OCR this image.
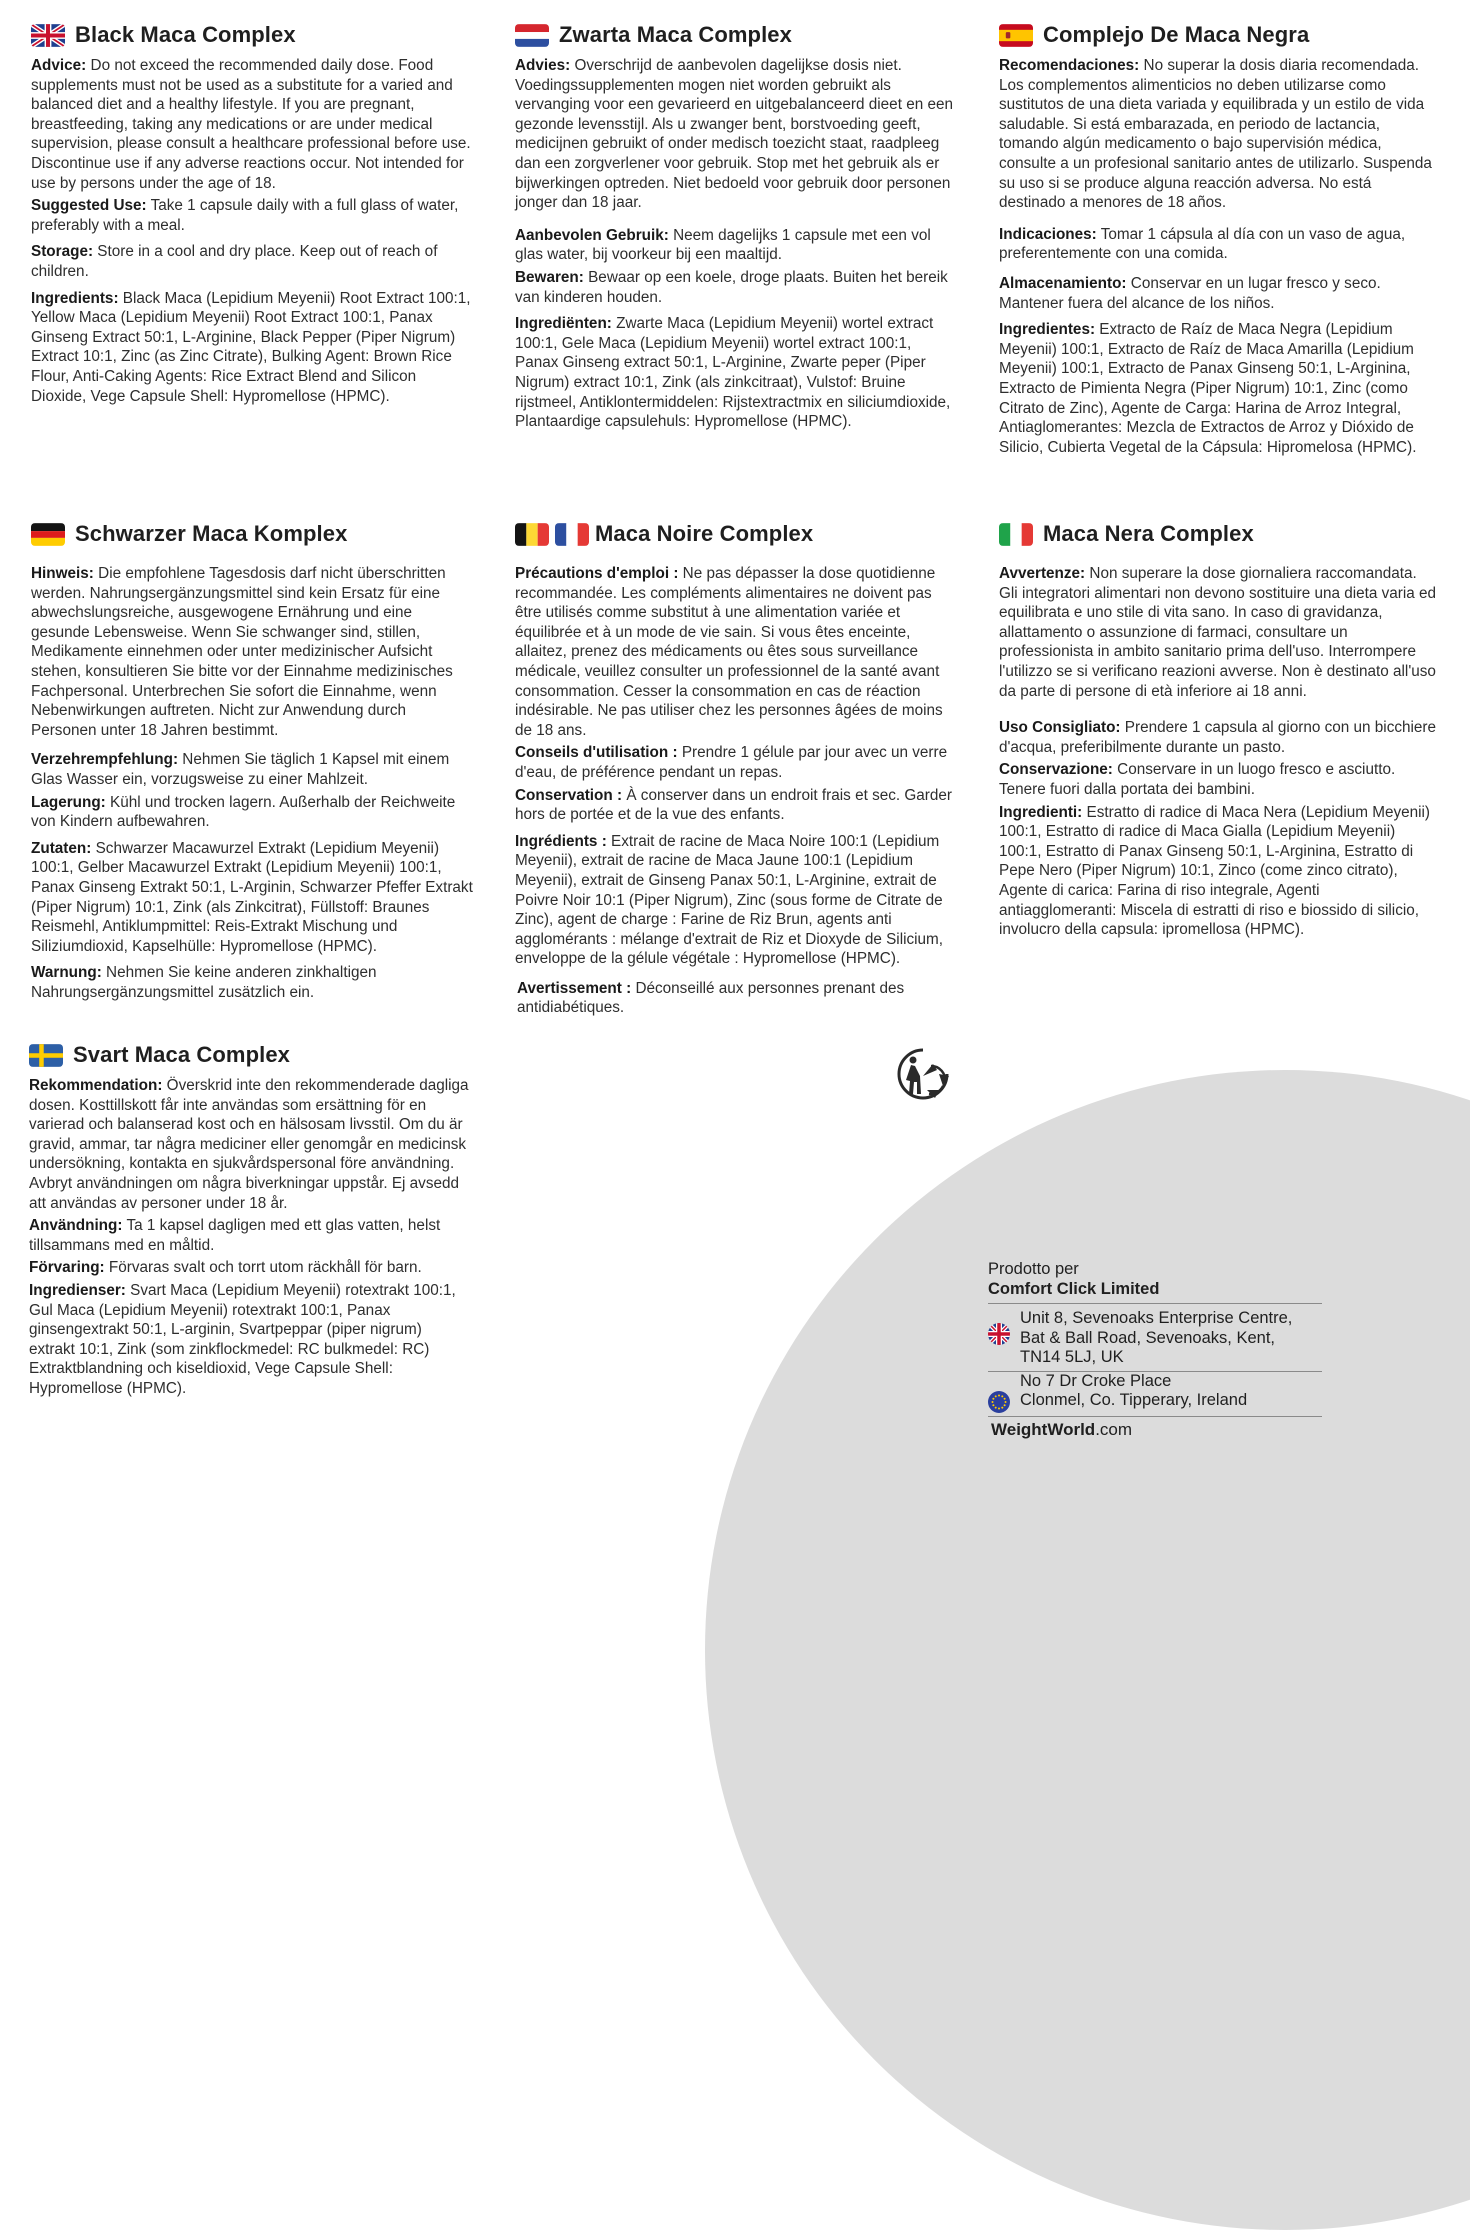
Black Maca Complex

Advice: Do not exceed the recommended daily dose. Food supplements must not be used as a substitute for a varied and balanced diet and a healthy lifestyle. If you are pregnant, breastfeeding, taking any medications or are under medical supervision, please consult a healthcare professional before use. Discontinue use if any adverse reactions occur. Not intended for use by persons under the age of 18.

Suggested Use: Take 1 capsule daily with a full glass of water, preferably with a meal.

Storage: Store in a cool and dry place. Keep out of reach of children.

Ingredients: Black Maca (Lepidium Meyenii) Root Extract 100:1, Yellow Maca (Lepidium Meyenii) Root Extract 100:1, Panax Ginseng Extract 50:1, L-Arginine, Black Pepper (Piper Nigrum) Extract 10:1, Zinc (as Zinc Citrate), Bulking Agent: Brown Rice Flour, Anti-Caking Agents: Rice Extract Blend and Silicon Dioxide, Vege Capsule Shell: Hypromellose (HPMC).

Zwarta Maca Complex

Advies: Overschrijd de aanbevolen dagelijkse dosis niet. Voedingssupplementen mogen niet worden gebruikt als vervanging voor een gevarieerd en uitgebalanceerd dieet en een gezonde levensstijl. Als u zwanger bent, borstvoeding geeft, medicijnen gebruikt of onder medisch toezicht staat, raadpleeg dan een zorgverlener voor gebruik. Stop met het gebruik als er bijwerkingen optreden. Niet bedoeld voor gebruik door personen jonger dan 18 jaar.

Aanbevolen Gebruik: Neem dagelijks 1 capsule met een vol glas water, bij voorkeur bij een maaltijd.

Bewaren: Bewaar op een koele, droge plaats. Buiten het bereik van kinderen houden.

Ingrediënten: Zwarte Maca (Lepidium Meyenii) wortel extract 100:1, Gele Maca (Lepidium Meyenii) wortel extract 100:1, Panax Ginseng extract 50:1, L-Arginine, Zwarte peper (Piper Nigrum) extract 10:1, Zink (als zinkcitraat), Vulstof: Bruine rijstmeel, Antiklontermiddelen: Rijstextractmix en siliciumdioxide, Plantaardige capsulehuls: Hypromellose (HPMC).

Complejo De Maca Negra

Recomendaciones: No superar la dosis diaria recomendada. Los complementos alimenticios no deben utilizarse como sustitutos de una dieta variada y equilibrada y un estilo de vida saludable. Si está embarazada, en periodo de lactancia, tomando algún medicamento o bajo supervisión médica, consulte a un profesional sanitario antes de utilizarlo. Suspenda su uso si se produce alguna reacción adversa. No está destinado a menores de 18 años.

Indicaciones: Tomar 1 cápsula al día con un vaso de agua, preferentemente con una comida.

Almacenamiento: Conservar en un lugar fresco y seco. Mantener fuera del alcance de los niños.

Ingredientes: Extracto de Raíz de Maca Negra (Lepidium Meyenii) 100:1, Extracto de Raíz de Maca Amarilla (Lepidium Meyenii) 100:1, Extracto de Panax Ginseng 50:1, L-Arginina, Extracto de Pimienta Negra (Piper Nigrum) 10:1, Zinc (como Citrato de Zinc), Agente de Carga: Harina de Arroz Integral, Antiaglomerantes: Mezcla de Extractos de Arroz y Dióxido de Silicio, Cubierta Vegetal de la Cápsula: Hipromelosa (HPMC).

Schwarzer Maca Komplex

Hinweis: Die empfohlene Tagesdosis darf nicht überschritten werden. Nahrungsergänzungsmittel sind kein Ersatz für eine abwechslungsreiche, ausgewogene Ernährung und eine gesunde Lebensweise. Wenn Sie schwanger sind, stillen, Medikamente einnehmen oder unter medizinischer Aufsicht stehen, konsultieren Sie bitte vor der Einnahme medizinisches Fachpersonal. Unterbrechen Sie sofort die Einnahme, wenn Nebenwirkungen auftreten. Nicht zur Anwendung durch Personen unter 18 Jahren bestimmt.

Verzehrempfehlung: Nehmen Sie täglich 1 Kapsel mit einem Glas Wasser ein, vorzugsweise zu einer Mahlzeit.

Lagerung: Kühl und trocken lagern. Außerhalb der Reichweite von Kindern aufbewahren.

Zutaten: Schwarzer Macawurzel Extrakt (Lepidium Meyenii) 100:1, Gelber Macawurzel Extrakt (Lepidium Meyenii) 100:1, Panax Ginseng Extrakt 50:1, L-Arginin, Schwarzer Pfeffer Extrakt (Piper Nigrum) 10:1, Zink (als Zinkcitrat), Füllstoff: Braunes Reismehl, Antiklumpmittel: Reis-Extrakt Mischung und Siliziumdioxid, Kapselhülle: Hypromellose (HPMC).

Warnung: Nehmen Sie keine anderen zinkhaltigen Nahrungsergänzungsmittel zusätzlich ein.

Maca Noire Complex

Précautions d'emploi : Ne pas dépasser la dose quotidienne recommandée. Les compléments alimentaires ne doivent pas être utilisés comme substitut à une alimentation variée et équilibrée et à un mode de vie sain. Si vous êtes enceinte, allaitez, prenez des médicaments ou êtes sous surveillance médicale, veuillez consulter un professionnel de la santé avant consommation. Cesser la consommation en cas de réaction indésirable. Ne pas utiliser chez les personnes âgées de moins de 18 ans.

Conseils d'utilisation : Prendre 1 gélule par jour avec un verre d'eau, de préférence pendant un repas.

Conservation : À conserver dans un endroit frais et sec. Garder hors de portée et de la vue des enfants.

Ingrédients : Extrait de racine de Maca Noire 100:1 (Lepidium Meyenii), extrait de racine de Maca Jaune 100:1 (Lepidium Meyenii), extrait de Ginseng Panax 50:1, L-Arginine, extrait de Poivre Noir 10:1 (Piper Nigrum), Zinc (sous forme de Citrate de Zinc), agent de charge : Farine de Riz Brun, agents anti agglomérants : mélange d'extrait de Riz et Dioxyde de Silicium, enveloppe de la gélule végétale : Hypromellose (HPMC).

Avertissement : Déconseillé aux personnes prenant des antidiabétiques.

Maca Nera Complex

Avvertenze: Non superare la dose giornaliera raccomandata. Gli integratori alimentari non devono sostituire una dieta varia ed equilibrata e uno stile di vita sano. In caso di gravidanza, allattamento o assunzione di farmaci, consultare un professionista in ambito sanitario prima dell'uso. Interrompere l'utilizzo se si verificano reazioni avverse. Non è destinato all'uso da parte di persone di età inferiore ai 18 anni.

Uso Consigliato: Prendere 1 capsula al giorno con un bicchiere d'acqua, preferibilmente durante un pasto.

Conservazione: Conservare in un luogo fresco e asciutto. Tenere fuori dalla portata dei bambini.

Ingredienti: Estratto di radice di Maca Nera (Lepidium Meyenii) 100:1, Estratto di radice di Maca Gialla (Lepidium Meyenii) 100:1, Estratto di Panax Ginseng 50:1, L-Arginina, Estratto di Pepe Nero (Piper Nigrum) 10:1, Zinco (come zinco citrato), Agente di carica: Farina di riso integrale, Agenti antiagglomeranti: Miscela di estratti di riso e biossido di silicio, involucro della capsula: ipromellosa (HPMC).

Svart Maca Complex

Rekommendation: Överskrid inte den rekommenderade dagliga dosen. Kosttillskott får inte användas som ersättning för en varierad och balanserad kost och en hälsosam livsstil. Om du är gravid, ammar, tar några mediciner eller genomgår en medicinsk undersökning, kontakta en sjukvårdspersonal före användning. Avbryt användningen om några biverkningar uppstår. Ej avsedd att användas av personer under 18 år.

Användning: Ta 1 kapsel dagligen med ett glas vatten, helst tillsammans med en måltid.

Förvaring: Förvaras svalt och torrt utom räckhåll för barn.

Ingredienser: Svart Maca (Lepidium Meyenii) rotextrakt 100:1, Gul Maca (Lepidium Meyenii) rotextrakt 100:1, Panax ginsengextrakt 50:1, L-arginin, Svartpeppar (piper nigrum) extrakt 10:1, Zink (som zinkflockmedel: RC bulkmedel: RC) Extraktblandning och kiseldioxid, Vege Capsule Shell: Hypromellose (HPMC).

Prodotto per
Comfort Click Limited
Unit 8, Sevenoaks Enterprise Centre,
Bat & Ball Road, Sevenoaks, Kent,
TN14 5LJ, UK
No 7 Dr Croke Place
Clonmel, Co. Tipperary, Ireland
WeightWorld.com
